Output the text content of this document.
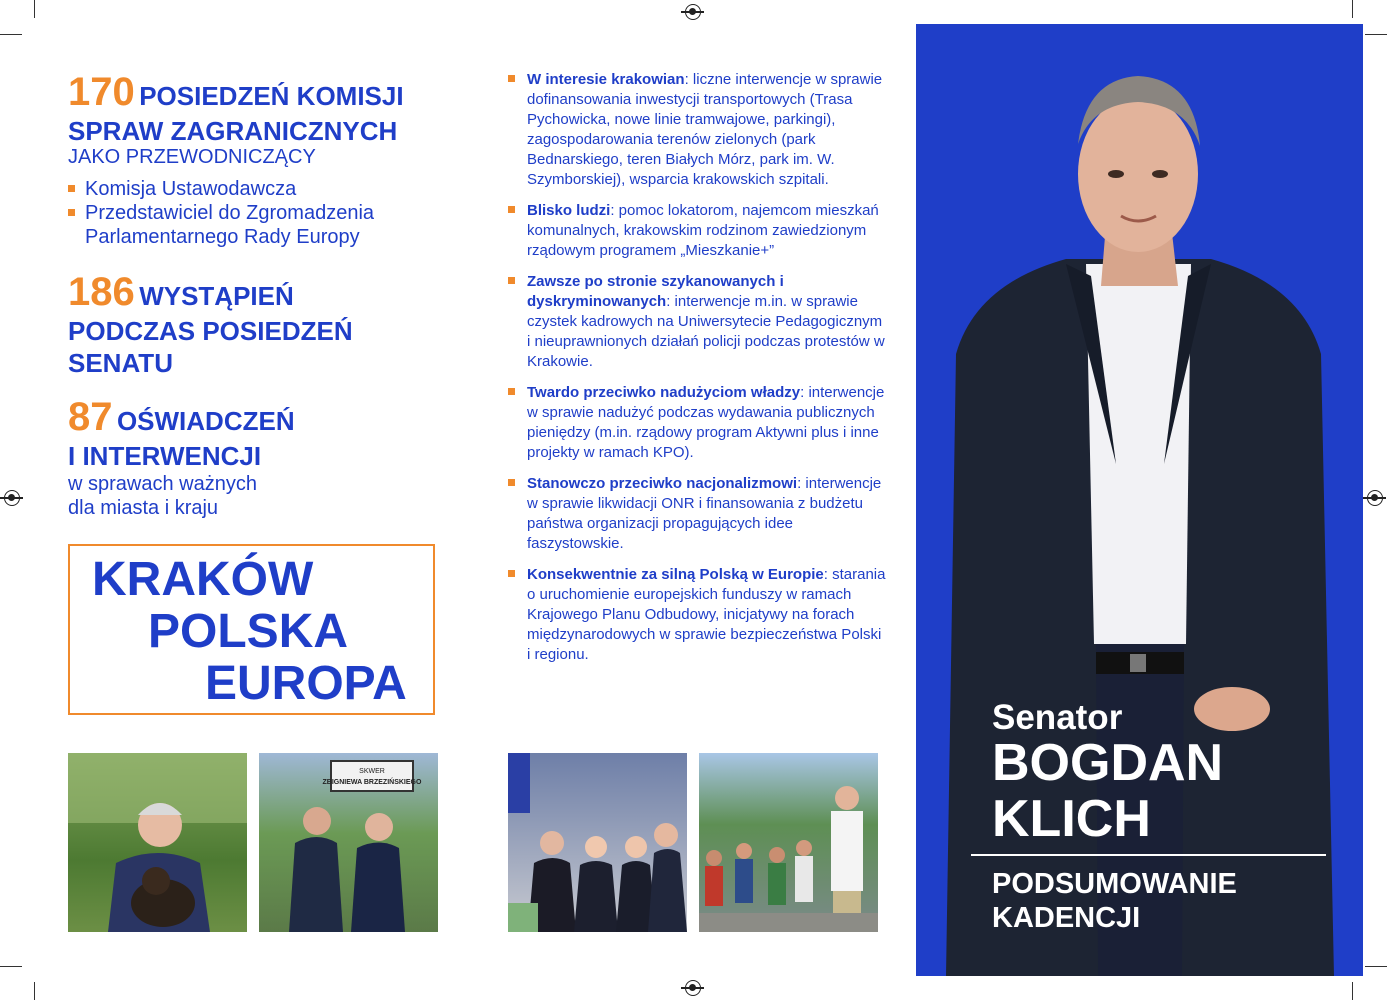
170 POSIEDZEŃ KOMISJI
SPRAW ZAGRANICZNYCH
JAKO PRZEWODNICZĄCY
Komisja Ustawodawcza
Przedstawiciel do Zgromadzenia
Parlamentarnego Rady Europy
186 WYSTĄPIEŃ
PODCZAS POSIEDZEŃ
SENATU
87 OŚWIADCZEŃ
I INTERWENCJI
w sprawach ważnych
dla miasta i kraju
KRAKÓW
POLSKA
EUROPA
W interesie krakowian: liczne interwencje w sprawie dofinansowania inwestycji transportowych (Trasa Pychowicka, nowe linie tramwajowe, parkingi), zagospodarowania terenów zielonych (park Bednarskiego, teren Białych Mórz, park im. W. Szymborskiej), wsparcia krakowskich szpitali.
Blisko ludzi: pomoc lokatorom, najemcom mieszkań komunalnych, krakowskim rodzinom zawiedzionym rządowym programem „Mieszkanie+”
Zawsze po stronie szykanowanych i dyskryminowanych: interwencje m.in. w sprawie czystek kadrowych na Uniwersytecie Pedagogicznym i nieuprawnionych działań policji podczas protestów w Krakowie.
Twardo przeciwko nadużyciom władzy: interwencje w sprawie nadużyć podczas wydawania publicznych pieniędzy (m.in. rządowy program Aktywni plus i inne projekty w ramach KPO).
Stanowczo przeciwko nacjonalizmowi: interwencje w sprawie likwidacji ONR i finansowania z budżetu państwa organizacji propagujących idee faszystowskie.
Konsekwentnie za silną Polską w Europie: starania o uruchomienie europejskich funduszy w ramach Krajowego Planu Odbudowy, inicjatywy na forach międzynarodowych w sprawie bezpieczeństwa Polski i regionu.
SKWER
ZBIGNIEWA BRZEZIŃSKIEGO
Senator
BOGDAN
KLICH
PODSUMOWANIE
KADENCJI
